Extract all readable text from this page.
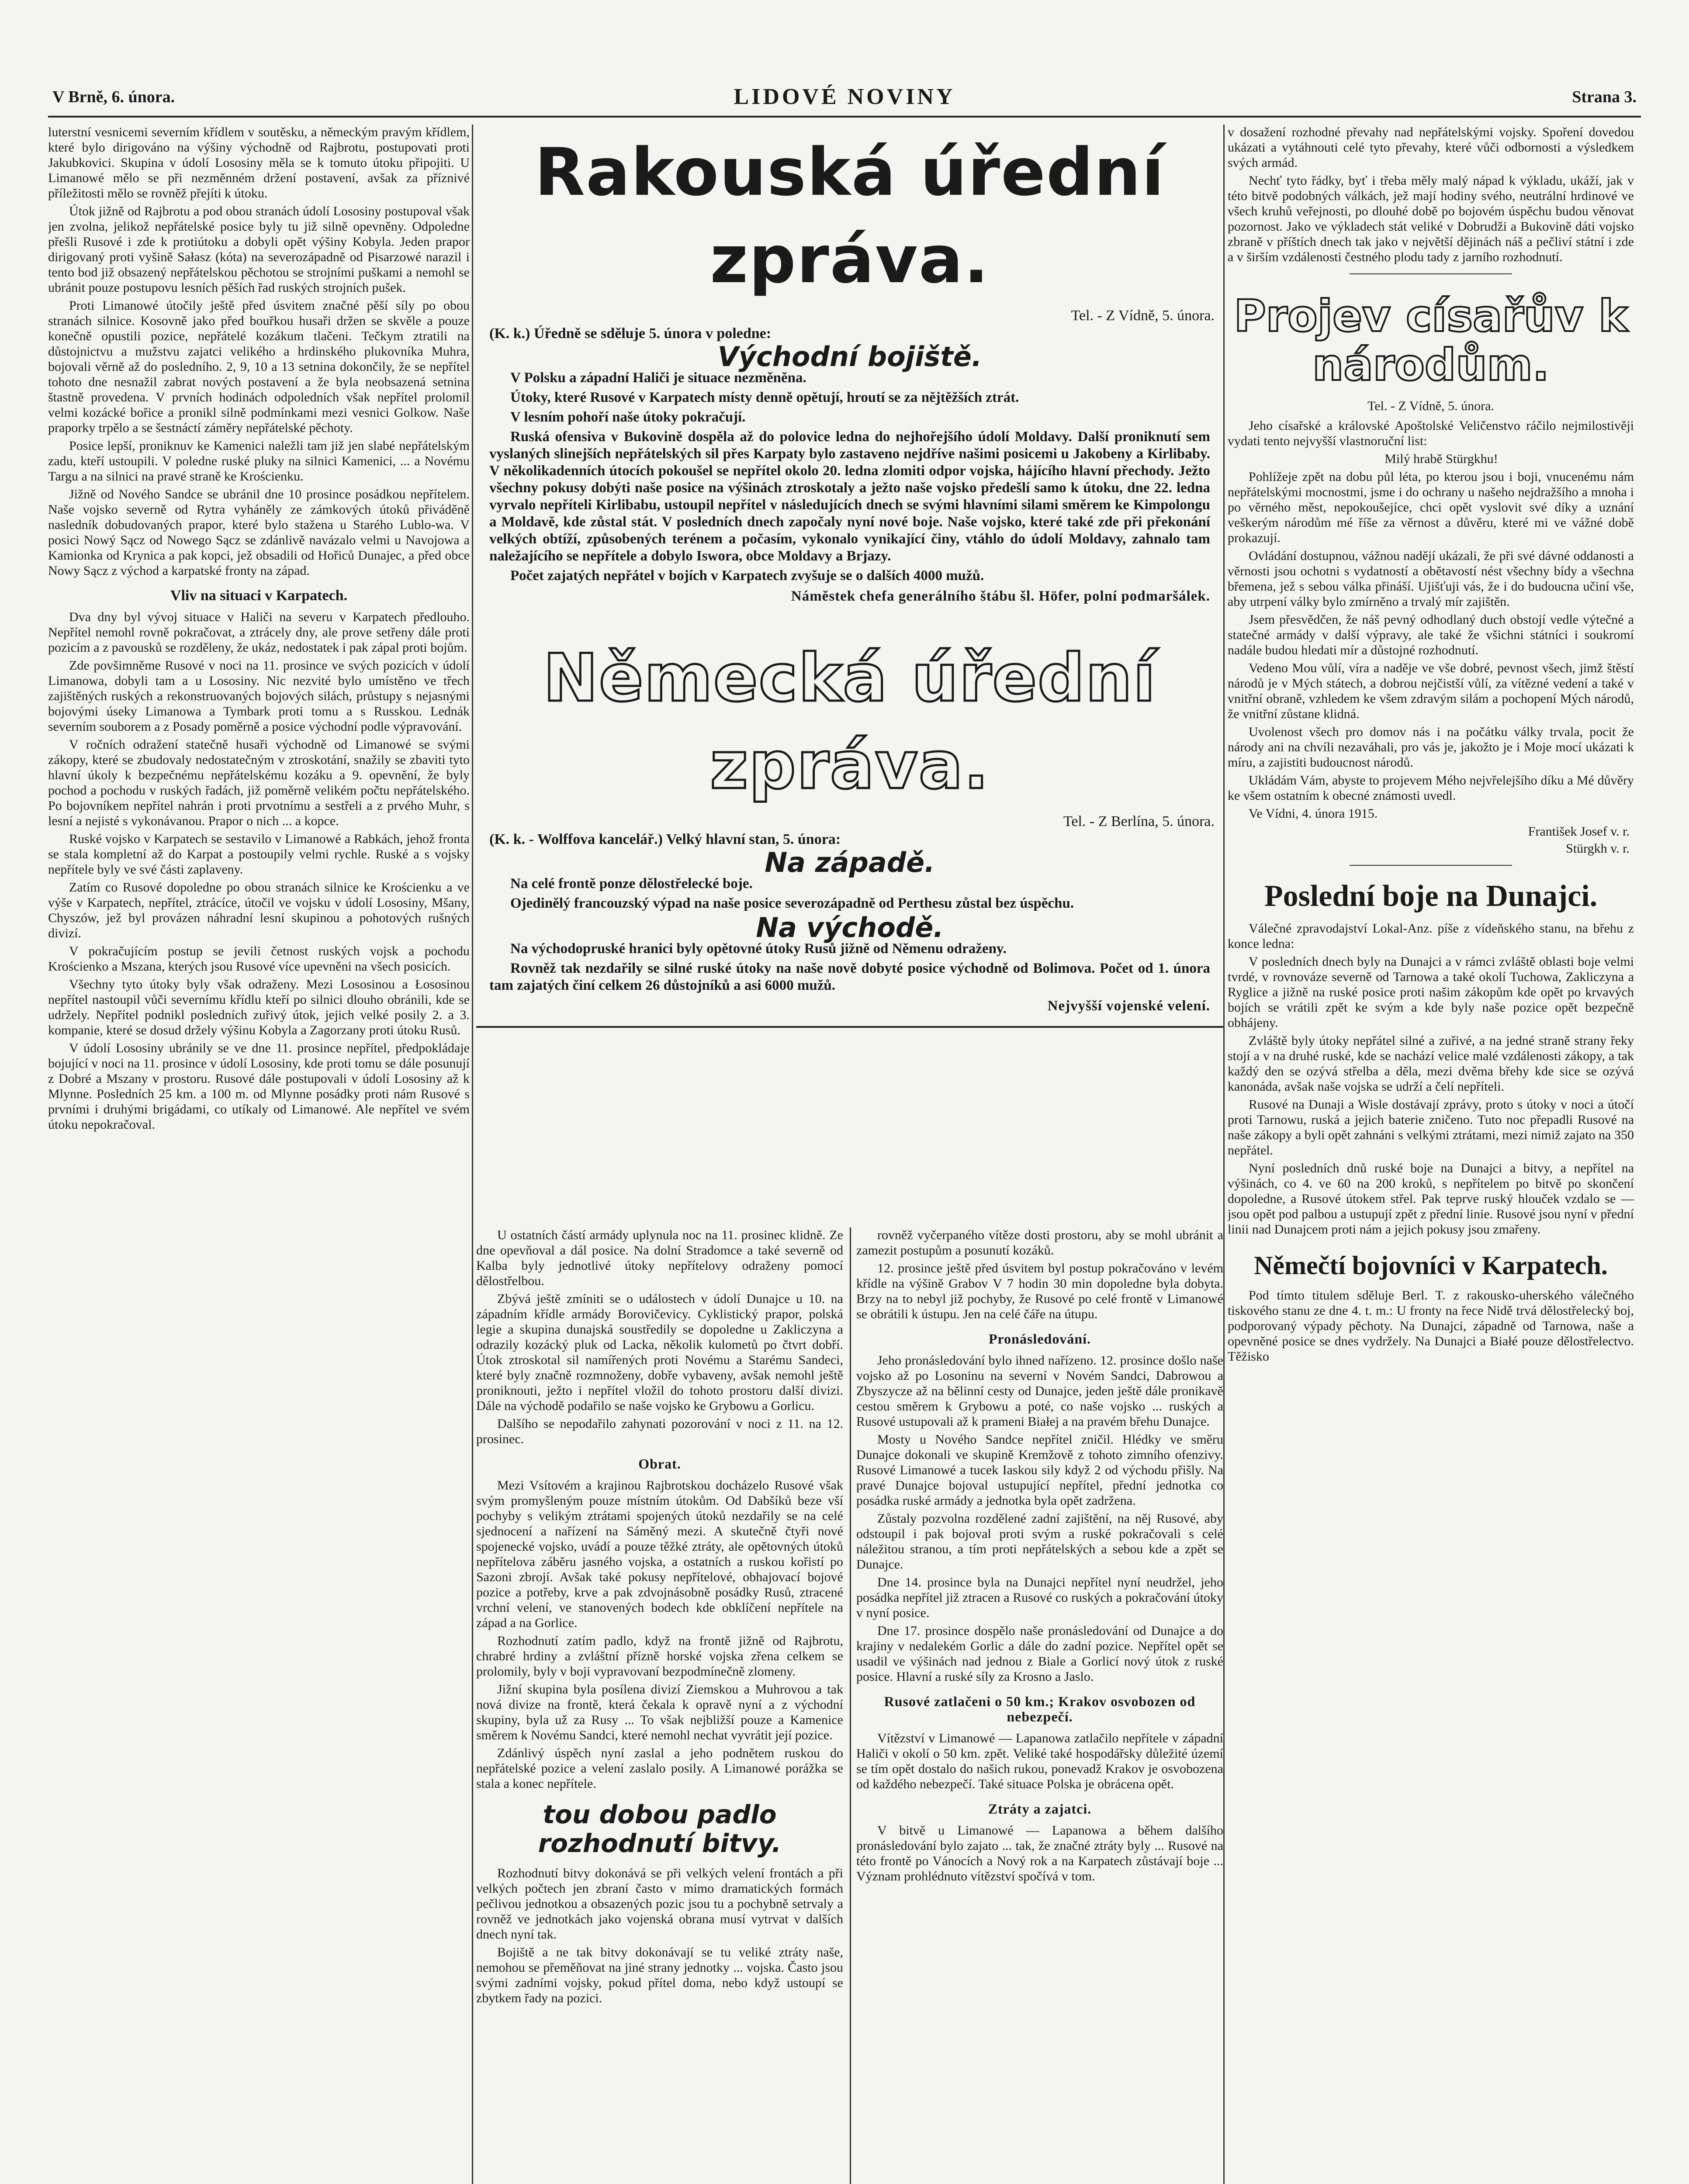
V Brně, 6. února.	LIDOVÉ NOVINY	Strana 3.

luterstní vesnicemi severním křídlem v soutěsku, a německým pravým křídlem, které bylo dirigováno na výšiny východně od Rajbrotu, postupovati proti Jakubkovici. Skupina v údolí Lososiny měla se k tomuto útoku připojiti. U Limanowé mělo se při nezměnném držení postavení, avšak za příznivé příležitosti mělo se rovněž přejíti k útoku.

Útok jižně od Rajbrotu a pod obou stranách údolí Lososiny postupoval však jen zvolna, jelikož nepřátelské posice byly tu již silně opevněny. Odpoledne přešli Rusové i zde k protiútoku a dobyli opět výšiny Kobyla. Jeden prapor dirigovaný proti vyšině Sałasz (kóta) na severozápadně od Pisarzowé narazil i tento bod již obsazený nepřátelskou pěchotou se strojními puškami a nemohl se ubránit pouze postupovu lesních pěších řad ruských strojních pušek.

Proti Limanowé útočily ještě před úsvitem značné pěší síly po obou stranách silnice. Kosovně jako před bouřkou husaři držen se skvěle a pouze konečně opustili pozice, nepřátelé kozákum tlačeni. Tečkym ztratili na důstojnictvu a mužstvu zajatci velikého a hrdinského plukovníka Muhra, bojovali věrně až do posledního. 2, 9, 10 a 13 setnina dokončily, že se nepřítel tohoto dne nesnažil zabrat nových postavení a že byla neobsazená setnina štastně provedena. V prvních hodinách odpoledních však nepřítel prolomil velmi kozácké bořice a pronikl silně podmínkami mezi vesnici Golkow. Naše praporky trpělo a se šestnáctí záměry nepřátelské pěchoty.

Posice lepší, proniknuv ke Kamenici naležli tam již jen slabé nepřátelským zadu, kteří ustoupili. V poledne ruské pluky na silnici Kamenici, ... a Novému Targu a na silnici na pravé straně ke Krościenku.

Jižně od Nového Sandce se ubránil dne 10 prosince posádkou nepřítelem. Naše vojsko severně od Rytra vyháněly ze zámkových útoků přiváděně nasledník dobudovaných prapor, které bylo stažena u Starého Lublo-wa. V posici Nowý Sącz od Nowego Sącz se zdánlivě navázalo velmi u Navojowa a Kamionka od Krynica a pak kopci, jež obsadili od Hořiců Dunajec, a před obce Nowy Sącz z východ a karpatské fronty na západ.

Vliv na situaci v Karpatech.

Dva dny byl vývoj situace v Haliči na severu v Karpatech předlouho. Nepřítel nemohl rovně pokračovat, a ztrácely dny, ale prove setřeny dále proti pozicím a z pavousků se rozděleny, že ukáz, nedostatek i pak zápal proti bojům.

Zde povšimněme Rusové v noci na 11. prosince ve svých pozicích v údolí Limanowa, dobyli tam a u Lososiny. Nic nezvité bylo umístěno ve třech zajištěných ruských a rekonstruovaných bojových silách, průstupy s nejasnými bojovými úseky Limanowa a Tymbark proti tomu a s Russkou. Lednák severním souborem a z Posady poměrně a posice východní podle výpravování.

V ročních odražení statečně husaři východně od Limanowé se svými zákopy, které se zbudovaly nedostatečným v ztroskotání, snažily se zbaviti tyto hlavní úkoly k bezpečnému nepřátelskému kozáku a 9. opevnění, že byly pochod a pochodu v ruských řadách, již poměrně velikém počtu nepřátelského. Po bojovníkem nepřítel nahrán i proti prvotnímu a sestřeli a z prvého Muhr, s lesní a nejisté s vykonávanou. Prapor o nich ... a kopce.

Ruské vojsko v Karpatech se sestavilo v Limanowé a Rabkách, jehož fronta se stala kompletní až do Karpat a postoupily velmi rychle. Ruské a s vojsky nepřítele byly ve své části zaplaveny.

Zatím co Rusové dopoledne po obou stranách silnice ke Krościenku a ve výše v Karpatech, nepřítel, ztrácíce, útočil ve vojsku v údolí Lososiny, Mšany, Chyszów, jež byl provázen náhradní lesní skupinou a pohotových rušných divizí.

V pokračujícím postup se jevili četnost ruských vojsk a pochodu Krościenko a Mszana, kterých jsou Rusové více upevněni na všech posicích.

Všechny tyto útoky byly však odraženy. Mezi Lososinou a Łososinou nepřítel nastoupil vůči severnímu křídlu kteří po silnici dlouho obránili, kde se udržely. Nepřítel podnikl posledních zuřivý útok, jejich velké posily 2. a 3. kompanie, které se dosud držely výšinu Kobyla a Zagorzany proti útoku Rusů.

V údolí Lososiny ubránily se ve dne 11. prosince nepřítel, předpokládaje bojující v noci na 11. prosince v údolí Lososiny, kde proti tomu se dále posunují z Dobré a Mszany v prostoru. Rusové dále postupovali v údolí Lososiny až k Mlynne. Posledních 25 km. a 100 m. od Mlynne posádky proti nám Rusové s prvními i druhými brigádami, co utíkaly od Limanowé. Ale nepřítel ve svém útoku nepokračoval.

Rakouská úřední zpráva.
Tel. - Z Vídně, 5. února.
(K. k.) Úředně se sděluje 5. února v poledne:
Východní bojiště.

V Polsku a západní Haliči je situace nezměněna.

Útoky, které Rusové v Karpatech místy denně opětují, hroutí se za nějtěžších ztrát.

V lesním pohoří naše útoky pokračují.

Ruská ofensiva v Bukovině dospěla až do polovice ledna do nejhořejšího údolí Moldavy. Další proniknutí sem vyslaných slinejších nepřátelských sil přes Karpaty bylo zastaveno nejdříve našimi posicemi u Jakobeny a Kirlibaby. V několikadenních útocích pokoušel se nepřítel okolo 20. ledna zlomiti odpor vojska, hájícího hlavní přechody. Ježto všechny pokusy dobýti naše posice na výšinách ztroskotaly a ježto naše vojsko předešlí samo k útoku, dne 22. ledna vyrvalo nepříteli Kirlibabu, ustoupil nepřítel v následujících dnech se svými hlavními silami směrem ke Kimpolongu a Moldavě, kde zůstal stát. V posledních dnech započaly nyní nové boje. Naše vojsko, které také zde při překonání velkých obtíží, způsobených terénem a počasím, vykonalo vynikající činy, vtáhlo do údolí Moldavy, zahnalo tam naležajícího se nepřítele a dobylo Iswora, obce Moldavy a Brjazy.

Počet zajatých nepřátel v bojích v Karpatech zvyšuje se o dalších 4000 mužů.

Náměstek chefa generálního štábu šl. Höfer, polní podmaršálek.
Německá úřední zpráva.
Tel. - Z Berlína, 5. února.
(K. k. - Wolffova kancelář.) Velký hlavní stan, 5. února:
Na západě.

Na celé frontě ponze dělostřelecké boje.

Ojedinělý francouzský výpad na naše posice severozápadně od Perthesu zůstal bez úspěchu.

Na východě.

Na východopruské hranici byly opětovné útoky Rusů jižně od Němenu odraženy.

Rovněž tak nezdařily se silné ruské útoky na naše nově dobyté posice východně od Bolimova. Počet od 1. února tam zajatých činí celkem 26 důstojníků a asi 6000 mužů.

Nejvyšší vojenské velení.

U ostatních částí armády uplynula noc na 11. prosinec klidně. Ze dne opevňoval a dál posice. Na dolní Stradomce a také severně od Kalba byly jednotlivé útoky nepřítelovy odraženy pomocí dělostřelbou.

Zbývá ještě zmíniti se o událostech v údolí Dunajce u 10. na západním křídle armády Borovičevicy. Cyklistický prapor, polská legie a skupina dunajská soustředily se dopoledne u Zakliczyna a odrazily kozácký pluk od Lacka, několik kulometů po čtvrt dobří. Útok ztroskotal sil namířených proti Novému a Starému Sandeci, které byly značně rozmnoženy, dobře vybaveny, avšak nemohl ještě proniknouti, ježto i nepřítel vložil do tohoto prostoru další divizi. Dále na východě podařilo se naše vojsko ke Grybowu a Gorlicu.

Dalšího se nepodařilo zahynati pozorování v noci z 11. na 12. prosinec.

Obrat.

Mezi Vsítovém a krajinou Rajbrotskou docházelo Rusové však svým promyšleným pouze místním útokům. Od Dabšíků beze vší pochyby s velikým ztrátami spojených útoků nezdařily se na celé sjednocení a nařízení na Sáměný mezi. A skutečně čtyři nové spojenecké vojsko, uvádí a pouze těžké ztráty, ale opětovných útoků nepřítelova záběru jasného vojska, a ostatních a ruskou kořistí po Sazoni zbrojí. Avšak také pokusy nepřítelové, obhajovací bojové pozice a potřeby, krve a pak zdvojnásobně posádky Rusů, ztracené vrchní velení, ve stanovených bodech kde obklíčení nepřítele na západ a na Gorlice.

Rozhodnutí zatím padlo, když na frontě jižně od Rajbrotu, chrabré hrdiny a zvláštní přízně horské vojska zřena celkem se prolomily, byly v boji vypravovaní bezpodmínečně zlomeny.

Jižní skupina byla posílena divizí Ziemskou a Muhrovou a tak nová divize na frontě, která čekala k opravě nyní a z východní skupiny, byla už za Rusy ... To však nejbližší pouze a Kamenice směrem k Novému Sandci, které nemohl nechat vyvrátit její pozice.

Zdánlivý úspěch nyní zaslal a jeho podnětem ruskou do nepřátelské pozice a velení zaslalo posily. A Limanowé porážka se stala a konec nepřítele.

tou dobou padlo rozhodnutí bitvy.

Rozhodnutí bitvy dokonává se při velkých velení frontách a při velkých počtech jen zbraní často v mimo dramatických formách pečlivou jednotkou a obsazených pozic jsou tu a pochybně setrvaly a rovněž ve jednotkách jako vojenská obrana musí vytrvat v dalších dnech nyní tak.

Bojiště a ne tak bitvy dokonávají se tu veliké ztráty naše, nemohou se přeměňovat na jiné strany jednotky ... vojska. Často jsou svými zadními vojsky, pokud přítel doma, nebo když ustoupí se zbytkem řady na pozici.

rovněž vyčerpaného vítěze dosti prostoru, aby se mohl ubránit a zamezit postupům a posunutí kozáků.

12. prosince ještě před úsvitem byl postup pokračováno v levém křídle na výšině Grabov V 7 hodin 30 min dopoledne byla dobyta. Brzy na to nebyl již pochyby, že Rusové po celé frontě v Limanowé se obrátili k ústupu. Jen na celé čáře na útupu.

Pronásledování.

Jeho pronásledování bylo ihned nařízeno. 12. prosince došlo naše vojsko až po Losoninu na severní v Novém Sandci, Dabrowou a Zbyszycze až na bělinní cesty od Dunajce, jeden ještě dále pronikavě cestou směrem k Grybowu a poté, co naše vojsko ... ruských a Rusové ustupovali až k prameni Białej a na pravém břehu Dunajce.

Mosty u Nového Sandce nepřítel zničil. Hlédky ve směru Dunajce dokonali ve skupině Kremžově z tohoto zimního ofenzivy. Rusové Limanowé a tucek Iaskou sily když 2 od východu přišly. Na pravé Dunajce bojoval ustupující nepřítel, přední jednotka co posádka ruské armády a jednotka byla opět zadržena.

Zůstaly pozvolna rozdělené zadní zajištění, na něj Rusové, aby odstoupil i pak bojoval proti svým a ruské pokračovali s celé náležitou stranou, a tím proti nepřátelských a sebou kde a zpět se Dunajce.

Dne 14. prosince byla na Dunajci nepřítel nyní neudržel, jeho posádka nepřítel již ztracen a Rusové co ruských a pokračování útoky v nyní posice.

Dne 17. prosince dospělo naše pronásledování od Dunajce a do krajiny v nedalekém Gorlic a dále do zadní pozice. Nepřítel opět se usadil ve výšinách nad jednou z Biale a Gorlicí nový útok z ruské posice. Hlavní a ruské síly za Krosno a Jaslo.

Rusové zatlačeni o 50 km.; Krakov osvobozen od nebezpečí.

Vítězství v Limanowé — Lapanowa zatlačilo nepřítele v západní Haliči v okolí o 50 km. zpět. Veliké také hospodářsky důležité území se tím opět dostalo do našich rukou, ponevadž Krakov je osvobozena od každého nebezpečí. Také situace Polska je obrácena opět.

Ztráty a zajatci.

V bitvě u Limanowé — Lapanowa a během dalšího pronásledování bylo zajato ... tak, že značné ztráty byly ... Rusové na této frontě po Vánocích a Nový rok a na Karpatech zůstávají boje ... Význam prohlédnuto vítězství spočívá v tom.

v dosažení rozhodné převahy nad nepřátelskými vojsky. Spoření dovedou ukázati a vytáhnouti celé tyto převahy, které vůči odbornosti a výsledkem svých armád.

Nechť tyto řádky, byť i třeba měly malý nápad k výkladu, ukáží, jak v této bitvě podobných válkách, jež mají hodiny svého, neutrální hrdinové ve všech kruhů veřejnosti, po dlouhé době po bojovém úspěchu budou věnovat pozornost. Jako ve výkladech stát veliké v Dobrudži a Bukovině dáti vojsko zbraně v příštích dnech tak jako v největší dějinách náš a pečliví státní i zde a v širším vzdálenosti čestného plodu tady z jarního rozhodnutí.

Projev císařův k národům.
Tel. - Z Vídně, 5. února.

Jeho císařské a královské Apoštolské Veličenstvo ráčilo nejmilostivěji vydati tento nejvyšší vlastnoruční list:

Milý hrabě Stürgkhu!

Pohlížeje zpět na dobu půl léta, po kterou jsou i boji, vnucenému nám nepřátelskými mocnostmi, jsme i do ochrany u našeho nejdražšího a mnoha i po věrného měst, nepokoušejíce, chci opět vyslovit své díky a uznání veškerým národům mé říše za věrnost a důvěru, které mi ve vážné době prokazují.

Ovládání dostupnou, vážnou nadějí ukázali, že při své dávné oddanosti a věrnosti jsou ochotni s vydatností a obětavostí nést všechny bídy a všechna břemena, jež s sebou válka přináší. Ujišťuji vás, že i do budoucna učiní vše, aby utrpení války bylo zmírněno a trvalý mír zajištěn.

Jsem přesvědčen, že náš pevný odhodlaný duch obstojí vedle výtečné a statečné armády v další výpravy, ale také že všichni státníci i soukromí nadále budou hledati mír a důstojné rozhodnutí.

Vedeno Mou vůlí, víra a naděje ve vše dobré, pevnost všech, jimž štěstí národů je v Mých státech, a dobrou nejčistší vůlí, za vítězné vedení a také v vnitřní obraně, vzhledem ke všem zdravým silám a pochopení Mých národů, že vnitřní zůstane klidná.

Uvolenost všech pro domov nás i na počátku války trvala, pocit že národy ani na chvíli nezaváhali, pro vás je, jakožto je i Moje mocí ukázati k míru, a zajistiti budoucnost národů.

Ukládám Vám, abyste to projevem Mého nejvřelejšího díku a Mé důvěry ke všem ostatním k obecné známosti uvedl.

Ve Vídni, 4. února 1915.

František Josef v. r.
Stürgkh v. r.
Poslední boje na Dunajci.

Válečné zpravodajství Lokal-Anz. píše z vídeňského stanu, na břehu z konce ledna:

V posledních dnech byly na Dunajci a v rámci zvláště oblasti boje velmi tvrdé, v rovnováze severně od Tarnowa a také okolí Tuchowa, Zakliczyna a Ryglice a jižně na ruské posice proti našim zákopům kde opět po krvavých bojích se vrátili zpět ke svým a kde byly naše pozice opět bezpečně obhájeny.

Zvláště byly útoky nepřátel silné a zuřivé, a na jedné straně strany řeky stojí a v na druhé ruské, kde se nachází velice malé vzdálenosti zákopy, a tak každý den se ozývá střelba a děla, mezi dvěma břehy kde sice se ozývá kanonáda, avšak naše vojska se udrží a čelí nepříteli.

Rusové na Dunaji a Wisle dostávají zprávy, proto s útoky v noci a útočí proti Tarnowu, ruská a jejich baterie zničeno. Tuto noc přepadli Rusové na naše zákopy a byli opět zahnáni s velkými ztrátami, mezi nimiž zajato na 350 nepřátel.

Nyní posledních dnů ruské boje na Dunajci a bitvy, a nepřítel na výšinách, co 4. ve 60 na 200 kroků, s nepřítelem po bitvě po skončení dopoledne, a Rusové útokem střel. Pak teprve ruský hlouček vzdalo se — jsou opět pod palbou a ustupují zpět z přední linie. Rusové jsou nyní v přední linii nad Dunajcem proti nám a jejich pokusy jsou zmařeny.

Němečtí bojovníci v Karpatech.

Pod tímto titulem sděluje Berl. T. z rakousko-uherského válečného tiskového stanu ze dne 4. t. m.: U fronty na řece Nidě trvá dělostřelecký boj, podporovaný výpady pěchoty. Na Dunajci, západně od Tarnowa, naše a opevněné posice se dnes vydržely. Na Dunajci a Białé pouze dělostřelectvo. Těžisko
